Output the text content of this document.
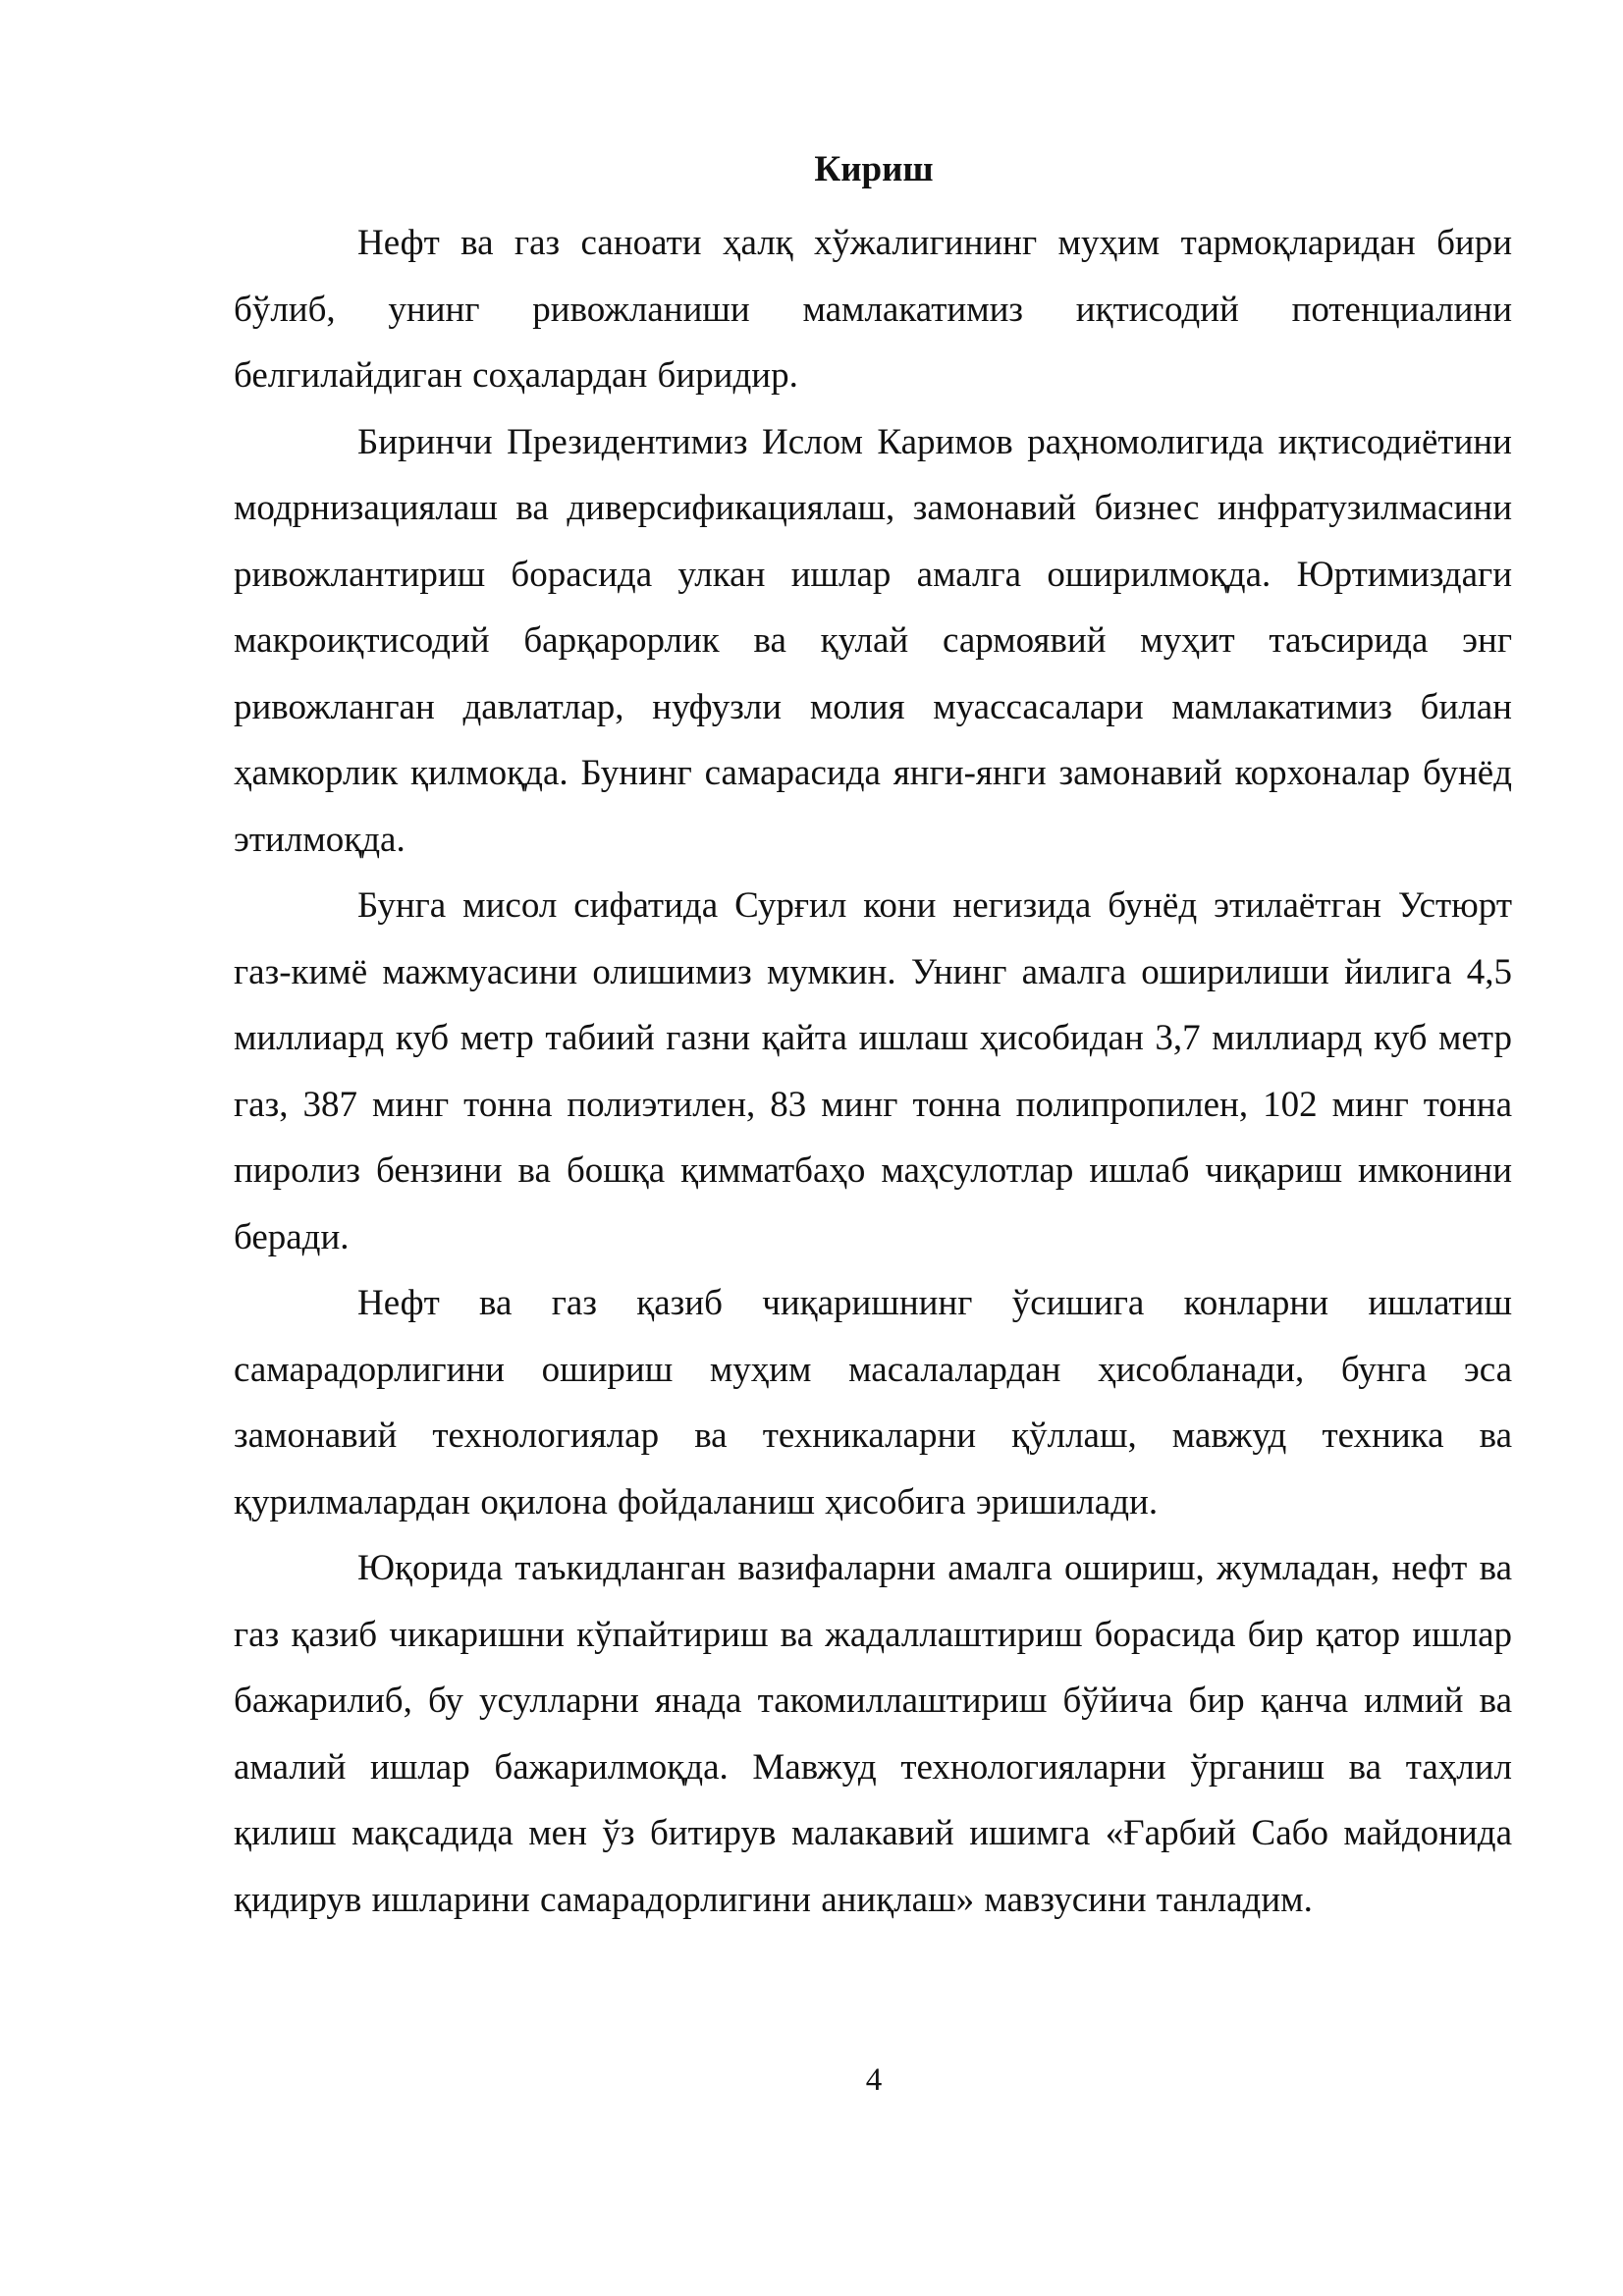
Кириш

Нефт ва газ саноати ҳалқ хўжалигининг муҳим тармоқларидан бири бўлиб, унинг ривожланиши мамлакатимиз иқтисодий потенциалини белгилайдиган соҳалардан биридир.

Биринчи Президентимиз Ислом Каримов раҳномолигида иқтисодиётини модрнизациялаш ва диверсификациялаш, замонавий бизнес инфратузилмасини ривожлантириш борасида улкан ишлар амалга оширилмоқда. Юртимиздаги макроиқтисодий барқарорлик ва қулай сармоявий муҳит таъсирида энг ривожланган давлатлар, нуфузли молия муассасалари мамлакатимиз билан ҳамкорлик қилмоқда. Бунинг самарасида янги-янги замонавий корхоналар бунёд этилмоқда.

Бунга мисол сифатида Сурғил кони негизида бунёд этилаётган Устюрт газ-кимё мажмуасини олишимиз мумкин. Унинг амалга оширилиши йилига 4,5 миллиард куб метр табиий газни қайта ишлаш ҳисобидан 3,7 миллиард куб метр газ, 387 минг тонна полиэтилен, 83 минг тонна полипропилен, 102 минг тонна пиролиз бензини ва бошқа қимматбаҳо маҳсулотлар ишлаб чиқариш имконини беради.

Нефт ва газ қазиб чиқаришнинг ўсишига конларни ишлатиш самарадорлигини ошириш муҳим масалалардан ҳисобланади, бунга эса замонавий технологиялар ва техникаларни қўллаш, мавжуд техника ва қурилмалардан оқилона фойдаланиш ҳисобига эришилади.

Юқорида таъкидланган вазифаларни амалга ошириш, жумладан, нефт ва газ қазиб чикаришни кўпайтириш ва жадаллаштириш борасида бир қатор ишлар бажарилиб, бу усулларни янада такомиллаштириш бўйича бир қанча илмий ва амалий ишлар бажарилмоқда. Мавжуд технологияларни ўрганиш ва таҳлил қилиш мақсадида мен ўз битирув малакавий ишимга «Ғарбий Сабо майдонида қидирув ишларини самарадорлигини аниқлаш» мавзусини танладим.

4
